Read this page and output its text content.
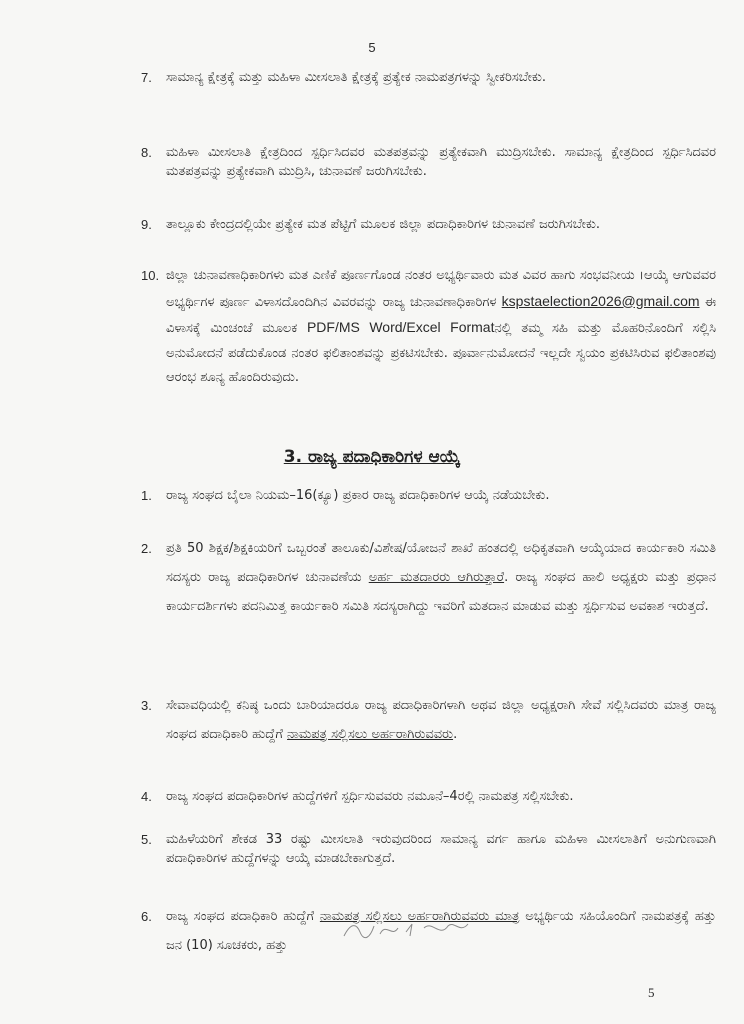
5
7. ಸಾಮಾನ್ಯ ಕ್ಷೇತ್ರಕ್ಕೆ ಮತ್ತು ಮಹಿಳಾ ಮೀಸಲಾತಿ ಕ್ಷೇತ್ರಕ್ಕೆ ಪ್ರತ್ಯೇಕ ನಾಮಪತ್ರಗಳನ್ನು ಸ್ವೀಕರಿಸಬೇಕು.
8. ಮಹಿಳಾ ಮೀಸಲಾತಿ ಕ್ಷೇತ್ರದಿಂದ ಸ್ಪರ್ಧಿಸಿದವರ ಮತಪತ್ರವನ್ನು ಪ್ರತ್ಯೇಕವಾಗಿ ಮುದ್ರಿಸಬೇಕು. ಸಾಮಾನ್ಯ ಕ್ಷೇತ್ರದಿಂದ ಸ್ಪರ್ಧಿಸಿದವರ ಮತಪತ್ರವನ್ನು ಪ್ರತ್ಯೇಕವಾಗಿ ಮುದ್ರಿಸಿ, ಚುನಾವಣೆ ಜರುಗಿಸಬೇಕು.
9. ತಾಲ್ಲೂಕು ಕೇಂದ್ರದಲ್ಲಿಯೇ ಪ್ರತ್ಯೇಕ ಮತ ಪೆಟ್ಟಿಗೆ ಮೂಲಕ ಜಿಲ್ಲಾ ಪದಾಧಿಕಾರಿಗಳ ಚುನಾವಣೆ ಜರುಗಿಸಬೇಕು.
10. ಜಿಲ್ಲಾ ಚುನಾವಣಾಧಿಕಾರಿಗಳು ಮತ ಎಣಿಕೆ ಪೂರ್ಣಗೊಂಡ ನಂತರ ಅಭ್ಯರ್ಥಿವಾರು ಮತ ವಿವರ ಹಾಗು ಸಂಭವನೀಯ ।ಆಯ್ಕೆ ಆಗುವವರ ಅಭ್ಯರ್ಥಿಗಳ ಪೂರ್ಣ ವಿಳಾಸದೊಂದಿಗಿನ ವಿವರವನ್ನು ರಾಜ್ಯ ಚುನಾವಣಾಧಿಕಾರಿಗಳ kspstaelection2026@gmail.com ಈ ವಿಳಾಸಕ್ಕೆ ಮಿಂಚಂಚೆ ಮೂಲಕ PDF/MS Word/Excel Formatನಲ್ಲಿ ತಮ್ಮ ಸಹಿ ಮತ್ತು ಮೊಹರಿನೊಂದಿಗೆ ಸಲ್ಲಿಸಿ ಅನುಮೋದನೆ ಪಡೆದುಕೊಂಡ ನಂತರ ಫಲಿತಾಂಶವನ್ನು ಪ್ರಕಟಿಸಬೇಕು. ಪೂರ್ವಾನುಮೋದನೆ ಇಲ್ಲದೇ ಸ್ವಯಂ ಪ್ರಕಟಿಸಿರುವ ಫಲಿತಾಂಶವು ಆರಂಭ ಶೂನ್ಯ ಹೊಂದಿರುವುದು.
3. ರಾಜ್ಯ ಪದಾಧಿಕಾರಿಗಳ ಆಯ್ಕೆ
1. ರಾಜ್ಯ ಸಂಘದ ಬೈಲಾ ನಿಯಮ–16(ಕ್ಯೂ) ಪ್ರಕಾರ ರಾಜ್ಯ ಪದಾಧಿಕಾರಿಗಳ ಆಯ್ಕೆ ನಡೆಯಬೇಕು.
2. ಪ್ರತಿ 50 ಶಿಕ್ಷಕ/ಶಿಕ್ಷಕಿಯರಿಗೆ ಒಬ್ಬರಂತೆ ತಾಲೂಕು/ವಿಶೇಷ/ಯೋಜನೆ ಶಾಖೆ ಹಂತದಲ್ಲಿ ಅಧಿಕೃತವಾಗಿ ಆಯ್ಕೆಯಾದ ಕಾರ್ಯಕಾರಿ ಸಮಿತಿ ಸದಸ್ಯರು ರಾಜ್ಯ ಪದಾಧಿಕಾರಿಗಳ ಚುನಾವಣೆಯ ಅರ್ಹ ಮತದಾರರು ಆಗಿರುತ್ತಾರೆ. ರಾಜ್ಯ ಸಂಘದ ಹಾಲಿ ಅಧ್ಯಕ್ಷರು ಮತ್ತು ಪ್ರಧಾನ ಕಾರ್ಯದರ್ಶಿಗಳು ಪದನಿಮಿತ್ತ ಕಾರ್ಯಕಾರಿ ಸಮಿತಿ ಸದಸ್ಯರಾಗಿದ್ದು ಇವರಿಗೆ ಮತದಾನ ಮಾಡುವ ಮತ್ತು ಸ್ಪರ್ಧಿಸುವ ಅವಕಾಶ ಇರುತ್ತದೆ.
3. ಸೇವಾವಧಿಯಲ್ಲಿ ಕನಿಷ್ಠ ಒಂದು ಬಾರಿಯಾದರೂ ರಾಜ್ಯ ಪದಾಧಿಕಾರಿಗಳಾಗಿ ಅಥವ ಜಿಲ್ಲಾ ಅಧ್ಯಕ್ಷರಾಗಿ ಸೇವೆ ಸಲ್ಲಿಸಿದವರು ಮಾತ್ರ ರಾಜ್ಯ ಸಂಘದ ಪದಾಧಿಕಾರಿ ಹುದ್ದೆಗೆ ನಾಮಪತ್ರ ಸಲ್ಲಿಸಲು ಅರ್ಹರಾಗಿರುವವರು.
4. ರಾಜ್ಯ ಸಂಘದ ಪದಾಧಿಕಾರಿಗಳ ಹುದ್ದೆಗಳಿಗೆ ಸ್ಪರ್ಧಿಸುವವರು ನಮೂನೆ–4ರಲ್ಲಿ ನಾಮಪತ್ರ ಸಲ್ಲಿಸಬೇಕು.
5. ಮಹಿಳೆಯರಿಗೆ ಶೇಕಡ 33 ರಷ್ಟು ಮೀಸಲಾತಿ ಇರುವುದರಿಂದ ಸಾಮಾನ್ಯ ವರ್ಗ ಹಾಗೂ ಮಹಿಳಾ ಮೀಸಲಾತಿಗೆ ಅನುಗುಣವಾಗಿ ಪದಾಧಿಕಾರಿಗಳ ಹುದ್ದೆಗಳನ್ನು ಆಯ್ಕೆ ಮಾಡಬೇಕಾಗುತ್ತದೆ.
6. ರಾಜ್ಯ ಸಂಘದ ಪದಾಧಿಕಾರಿ ಹುದ್ದೆಗೆ ನಾಮಪತ್ರ ಸಲ್ಲಿಸಲು ಅರ್ಹರಾಗಿರುವವರು ಮಾತ್ರ ಅಭ್ಯರ್ಥಿಯ ಸಹಿಯೊಂದಿಗೆ ನಾಮಪತ್ರಕ್ಕೆ ಹತ್ತು ಜನ (10) ಸೂಚಕರು, ಹತ್ತು
5
